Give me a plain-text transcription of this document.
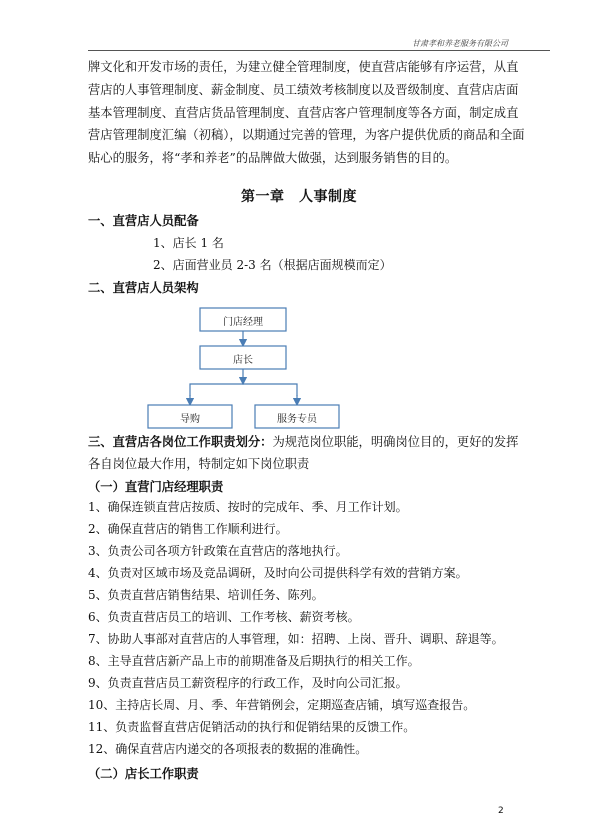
甘肃孝和养老服务有限公司
牌文化和开发市场的责任，为建立健全管理制度，使直营店能够有序运营，从直
营店的人事管理制度、薪金制度、员工绩效考核制度以及晋级制度、直营店店面
基本管理制度、直营店货品管理制度、直营店客户管理制度等各方面，制定成直
营店管理制度汇编（初稿），以期通过完善的管理，为客户提供优质的商品和全面
贴心的服务，将“孝和养老”的品牌做大做强，达到服务销售的目的。
第一章　人事制度
一、直营店人员配备
1、店长 1 名
2、店面营业员 2-3 名（根据店面规模而定）
二、直营店人员架构
门店经理
店长
导购	服务专员
三、直营店各岗位工作职责划分：为规范岗位职能，明确岗位目的，更好的发挥
各自岗位最大作用，特制定如下岗位职责
（一）直营门店经理职责
1、确保连锁直营店按质、按时的完成年、季、月工作计划。
2、确保直营店的销售工作顺利进行。
3、负责公司各项方针政策在直营店的落地执行。
4、负责对区域市场及竞品调研，及时向公司提供科学有效的营销方案。
5、负责直营店销售结果、培训任务、陈列。
6、负责直营店员工的培训、工作考核、薪资考核。
7、协助人事部对直营店的人事管理，如：招聘、上岗、晋升、调职、辞退等。
8、主导直营店新产品上市的前期准备及后期执行的相关工作。
9、负责直营店员工薪资程序的行政工作，及时向公司汇报。
10、主持店长周、月、季、年营销例会，定期巡查店铺，填写巡查报告。
11、负责监督直营店促销活动的执行和促销结果的反馈工作。
12、确保直营店内递交的各项报表的数据的准确性。
（二）店长工作职责
2
